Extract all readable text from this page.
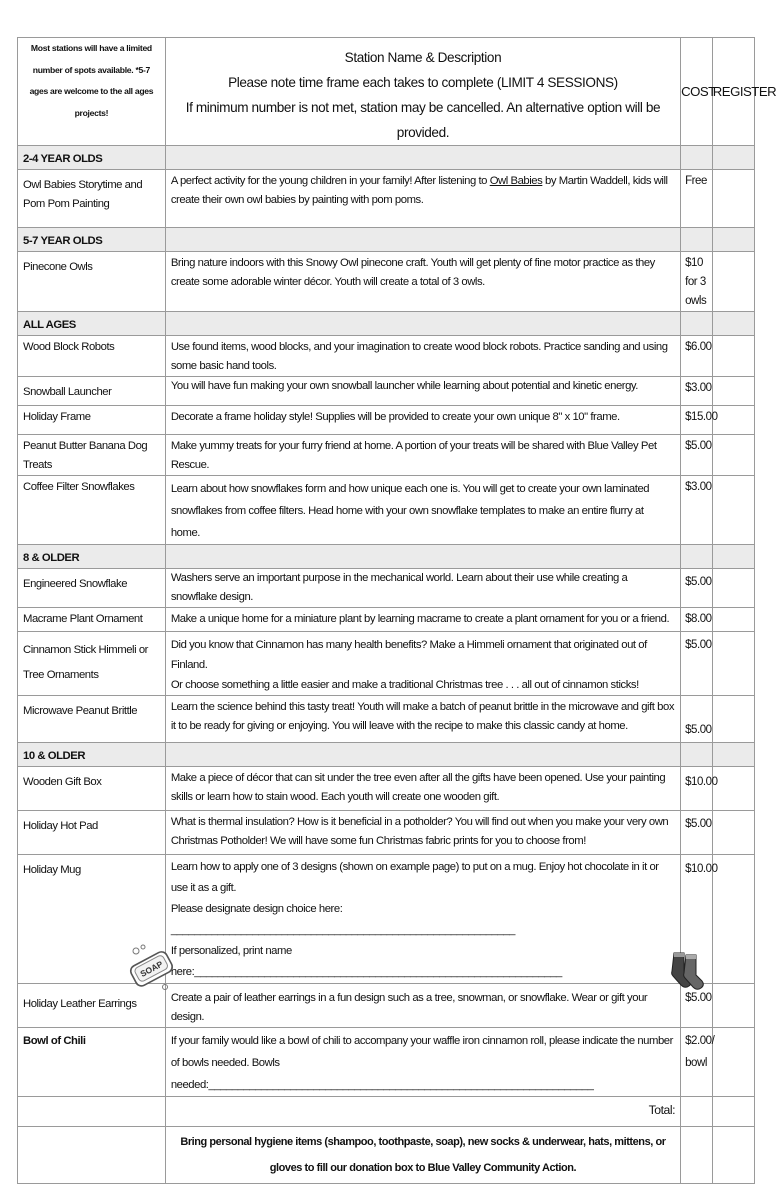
Most stations will have a limited number of spots available. *5-7 ages are welcome to the all ages projects!	Station Name & Description
Please note time frame each takes to complete (LIMIT 4 SESSIONS)
If minimum number is not met, station may be cancelled. An alternative option will be provided.	COST	REGISTER
2-4 YEAR OLDS			
Owl Babies Storytime and Pom Pom Painting	A perfect activity for the young children in your family! After listening to Owl Babies by Martin Waddell, kids will create their own owl babies by painting with pom poms.	Free	
5-7 YEAR OLDS			
Pinecone Owls	Bring nature indoors with this Snowy Owl pinecone craft. Youth will get plenty of fine motor practice as they create some adorable winter décor. Youth will create a total of 3 owls.	$10 for 3 owls	
ALL AGES			
Wood Block Robots	Use found items, wood blocks, and your imagination to create wood block robots. Practice sanding and using some basic hand tools.	$6.00	
Snowball Launcher	You will have fun making your own snowball launcher while learning about potential and kinetic energy.	$3.00	
Holiday Frame	Decorate a frame holiday style! Supplies will be provided to create your own unique 8" x 10" frame.	$15.00	
Peanut Butter Banana Dog Treats	Make yummy treats for your furry friend at home. A portion of your treats will be shared with Blue Valley Pet Rescue.	$5.00	
Coffee Filter Snowflakes	Learn about how snowflakes form and how unique each one is. You will get to create your own laminated snowflakes from coffee filters. Head home with your own snowflake templates to make an entire flurry at home.	$3.00	
8 & OLDER			
Engineered Snowflake	Washers serve an important purpose in the mechanical world. Learn about their use while creating a snowflake design.	$5.00	
Macrame Plant Ornament	Make a unique home for a miniature plant by learning macrame to create a plant ornament for you or a friend.	$8.00	
Cinnamon Stick Himmeli or Tree Ornaments	Did you know that Cinnamon has many health benefits? Make a Himmeli ornament that originated out of Finland.
Or choose something a little easier and make a traditional Christmas tree . . . all out of cinnamon sticks!	$5.00	
Microwave Peanut Brittle	Learn the science behind this tasty treat! Youth will make a batch of peanut brittle in the microwave and gift box it to be ready for giving or enjoying. You will leave with the recipe to make this classic candy at home.	$5.00	
10 & OLDER			
Wooden Gift Box	Make a piece of décor that can sit under the tree even after all the gifts have been opened. Use your painting skills or learn how to stain wood. Each youth will create one wooden gift.	$10.00	
Holiday Hot Pad	What is thermal insulation? How is it beneficial in a potholder? You will find out when you make your very own Christmas Potholder! We will have some fun Christmas fabric prints for you to choose from!	$5.00	
Holiday Mug	Learn how to apply one of 3 designs (shown on example page) to put on a mug. Enjoy hot chocolate in it or use it as a gift.
Please designate design choice here: ___________________________________________________________
If personalized, print name here:_______________________________________________________________	$10.00	
Holiday Leather Earrings	Create a pair of leather earrings in a fun design such as a tree, snowman, or snowflake. Wear or gift your design.	$5.00	
Bowl of Chili	If your family would like a bowl of chili to accompany your waffle iron cinnamon roll, please indicate the number of bowls needed. Bowls needed:__________________________________________________________________	$2.00/ bowl	
	Total:		
	Bring personal hygiene items (shampoo, toothpaste, soap), new socks & underwear, hats, mittens, or gloves to fill our donation box to Blue Valley Community Action.		
SOAP
